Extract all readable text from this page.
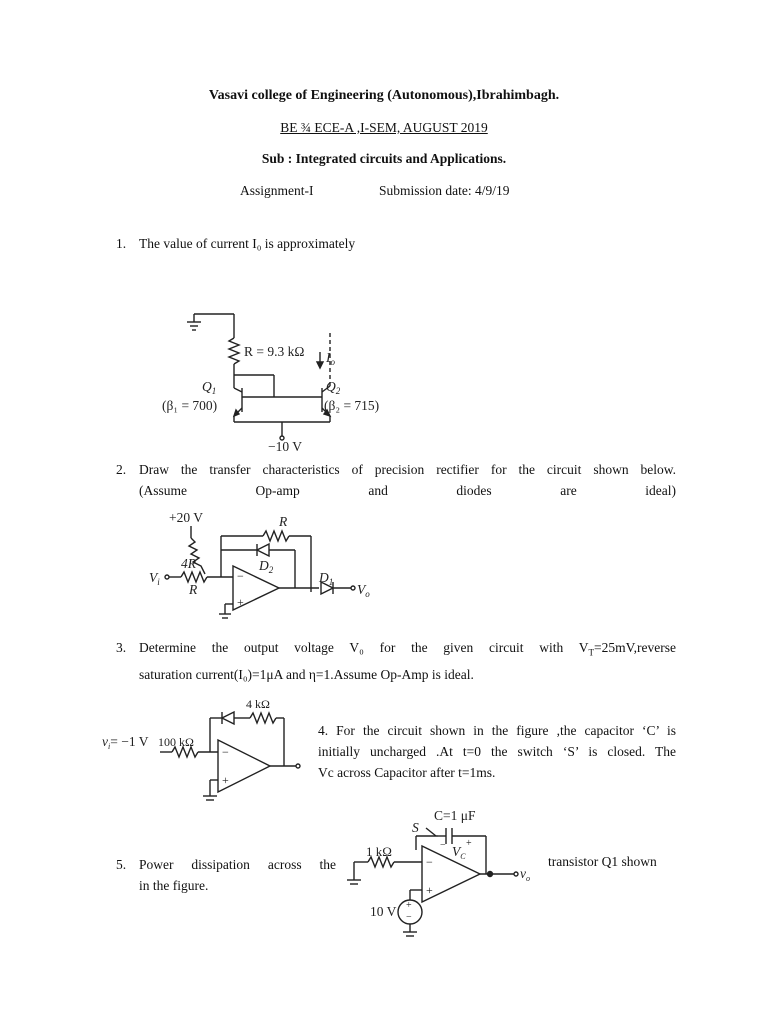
Vasavi college of Engineering (Autonomous),Ibrahimbagh.
BE ¾ ECE-A ,I-SEM, AUGUST 2019
Sub : Integrated circuits and Applications.
Assignment-I	Submission date: 4/9/19
1. The value of current I₀ is approximately
R = 9.3 kΩ $I_o$
−10 V
$Q_1$
(β₁ = 700)
$Q_2$
(β₂ = 715)
2. Draw the transfer characteristics of precision rectifier for the circuit shown below.
(Assume Op-amp and diodes are ideal)
+20 V
4R
$V_i$ R
−
+
R
$D_2$	$D_1$ $V_o$
3. Determine the output voltage V₀ for the given circuit with $V_T=25mV,reverse$
saturation current(I₀)=1μA and η=1.Assume Op-Amp is ideal.
4 kΩ
$v_i= -1$ V 100 kΩ
−
+
4. For the circuit shown in the figure ,the capacitor ‘C’ is
initially uncharged .At t=0 the switch ‘S’ is closed. The
Vc across Capacitor after t=1ms.
C=1 μF
S
$V_C$
+
−
1 kΩ
−
+
$v_o$
+
−
10 V
5. Power dissipation across the
in the figure.
transistor Q1 shown
